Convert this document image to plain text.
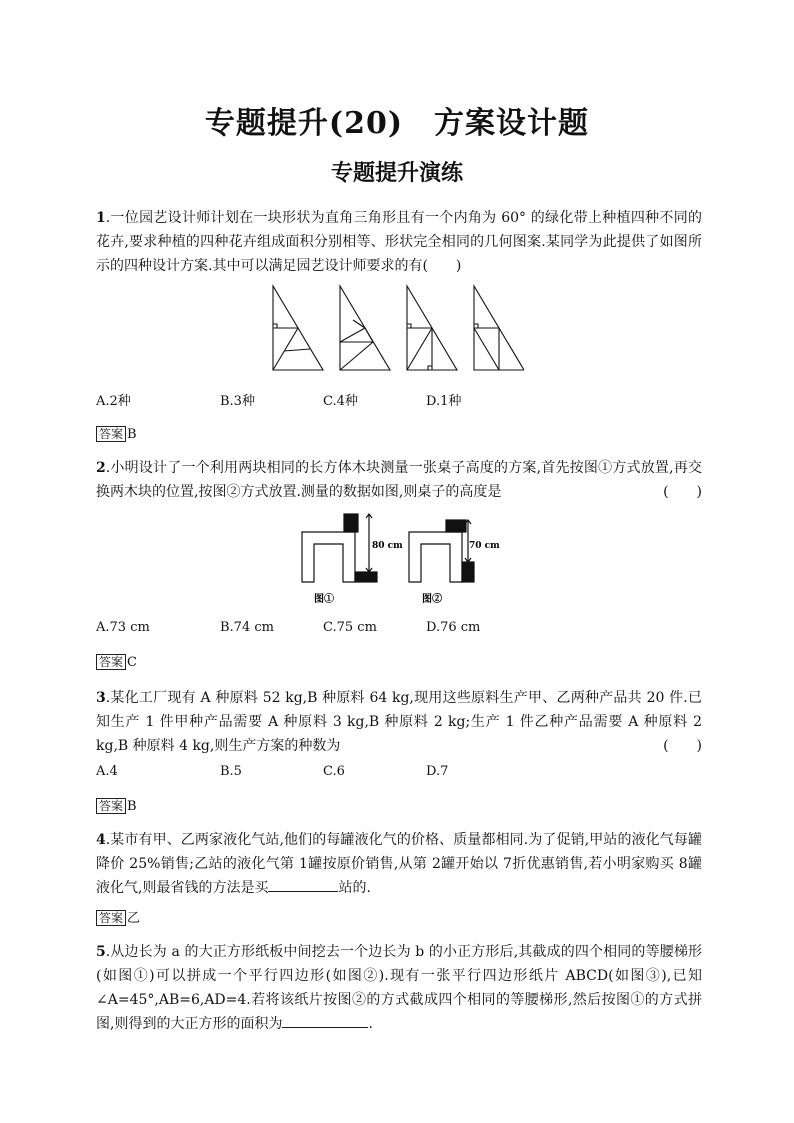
专题提升(20)　方案设计题
专题提升演练
1.一位园艺设计师计划在一块形状为直角三角形且有一个内角为 60° 的绿化带上种植四种不同的花卉,要求种植的四种花卉组成面积分别相等、形状完全相同的几何图案.某同学为此提供了如图所示的四种设计方案.其中可以满足园艺设计师要求的有(　　)
A.2种	B.3种	C.4种	D.1种
答案 B
2.小明设计了一个利用两块相同的长方体木块测量一张桌子高度的方案,首先按图①方式放置,再交换两木块的位置,按图②方式放置.测量的数据如图,则桌子的高度是	(　　)
80 cm	70 cm
图①	图②
A.73 cm	B.74 cm	C.75 cm	D.76 cm
答案 C
3.某化工厂现有 A 种原料 52 kg,B 种原料 64 kg,现用这些原料生产甲、乙两种产品共 20 件.已知生产 1 件甲种产品需要 A 种原料 3 kg,B 种原料 2 kg;生产 1 件乙种产品需要 A 种原料 2 kg,B 种原料 4 kg,则生产方案的种数为	(　　)
A.4	B.5	C.6	D.7
答案 B
4.某市有甲、乙两家液化气站,他们的每罐液化气的价格、质量都相同.为了促销,甲站的液化气每罐降价 25%销售;乙站的液化气第 1罐按原价销售,从第 2罐开始以 7折优惠销售,若小明家购买 8罐液化气,则最省钱的方法是买	站的.
答案 乙
5.从边长为 a 的大正方形纸板中间挖去一个边长为 b 的小正方形后,其截成的四个相同的等腰梯形(如图①)可以拼成一个平行四边形(如图②).现有一张平行四边形纸片 ABCD(如图③),已知∠A=45°,AB=6,AD=4.若将该纸片按图②的方式截成四个相同的等腰梯形,然后按图①的方式拼图,则得到的大正方形的面积为	.
